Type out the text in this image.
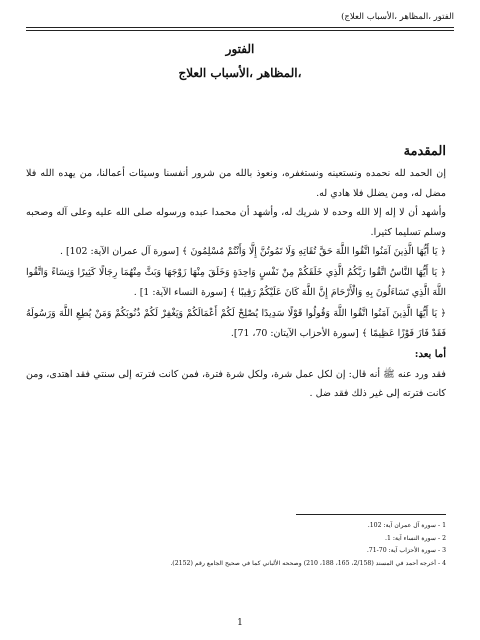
الفتور ،المظاهر ،الأسباب العلاج)
الفتور
،المظاهر ،الأسباب العلاج
المقدمة

إن الحمد لله نحمده ونستعينه ونستغفره، ونعوذ بالله من شرور أنفسنا وسيئات أعمالنا، من يهده الله فلا مضل له، ومن يضلل فلا هادي له.

وأشهد أن لا إله إلا الله وحده لا شريك له، وأشهد أن محمدا عبده ورسوله صلى الله عليه وعلى آله وصحبه وسلم تسليما كثيرا.

﴿ يَا أَيُّهَا الَّذِينَ آمَنُوا اتَّقُوا اللَّهَ حَقَّ تُقَاتِهِ وَلَا تَمُوتُنَّ إِلَّا وَأَنْتُمْ مُسْلِمُونَ ﴾ [سورة آل عمران الآية: 102] .

﴿ يَا أَيُّهَا النَّاسُ اتَّقُوا رَبَّكُمُ الَّذِي خَلَقَكُمْ مِنْ نَفْسٍ وَاحِدَةٍ وَخَلَقَ مِنْهَا زَوْجَهَا وَبَثَّ مِنْهُمَا رِجَالًا كَثِيرًا وَنِسَاءً وَاتَّقُوا اللَّهَ الَّذِي تَسَاءَلُونَ بِهِ وَالْأَرْحَامَ إِنَّ اللَّهَ كَانَ عَلَيْكُمْ رَقِيبًا ﴾ [سورة النساء الآية: 1] .

﴿ يَا أَيُّهَا الَّذِينَ آمَنُوا اتَّقُوا اللَّهَ وَقُولُوا قَوْلًا سَدِيدًا يُصْلِحْ لَكُمْ أَعْمَالَكُمْ وَيَغْفِرْ لَكُمْ ذُنُوبَكُمْ وَمَنْ يُطِعِ اللَّهَ وَرَسُولَهُ فَقَدْ فَازَ فَوْزًا عَظِيمًا ﴾ [سورة الأحزاب الآيتان: 70، 71].

أما بعد:

فقد ورد عنه ﷺ أنه قال: إن لكل عمل شرة، ولكل شرة فترة، فمن كانت فترته إلى سنتي فقد اهتدى، ومن كانت فترته إلى غير ذلك فقد ضل .

1 - سورة آل عمران آية: 102.
2 - سورة النساء آية: 1.
3 - سورة الأحزاب آية: 70-71.
4 - أخرجه أحمد في المسند (2/158، 165، 188، 210) وصححه الألباني كما في صحيح الجامع رقم (2152).
1
